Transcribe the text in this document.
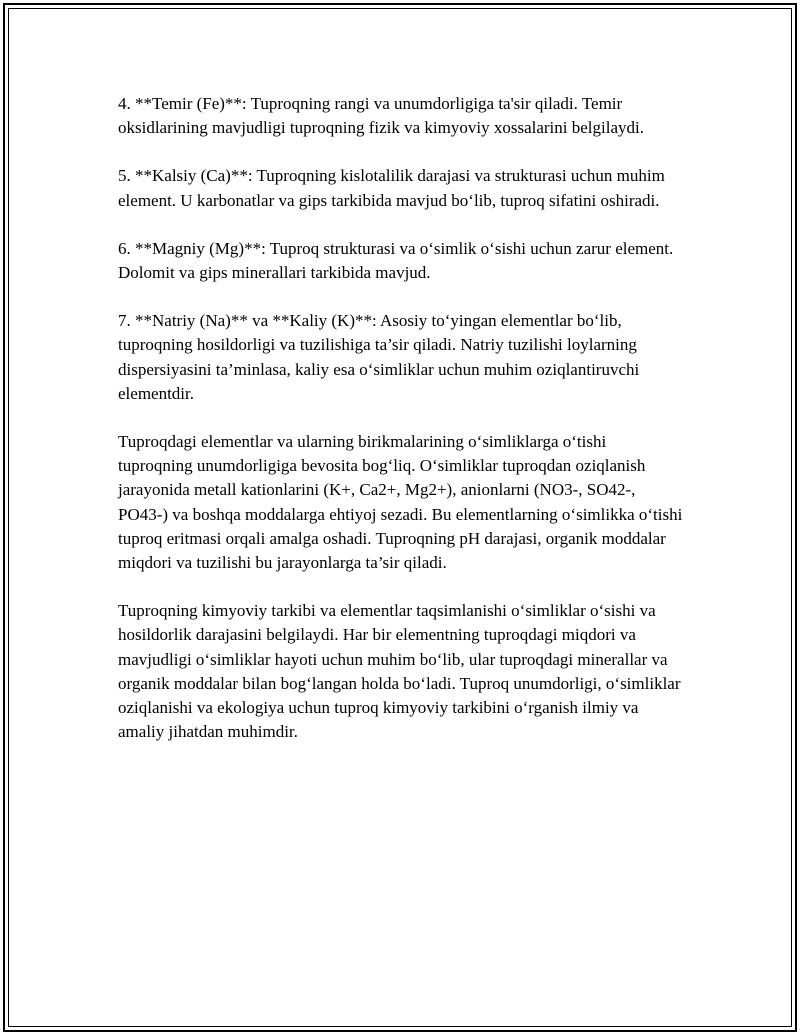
4. **Temir (Fe)**: Tuproqning rangi va unumdorligiga ta'sir qiladi. Temir oksidlarining mavjudligi tuproqning fizik va kimyoviy xossalarini belgilaydi.

5. **Kalsiy (Ca)**: Tuproqning kislotalilik darajasi va strukturasi uchun muhim element. U karbonatlar va gips tarkibida mavjud bo‘lib, tuproq sifatini oshiradi.

6. **Magniy (Mg)**: Tuproq strukturasi va o‘simlik o‘sishi uchun zarur element. Dolomit va gips minerallari tarkibida mavjud.

7. **Natriy (Na)** va **Kaliy (K)**: Asosiy to‘yingan elementlar bo‘lib, tuproqning hosildorligi va tuzilishiga ta’sir qiladi. Natriy tuzilishi loylarning dispersiyasini ta’minlasa, kaliy esa o‘simliklar uchun muhim oziqlantiruvchi elementdir.

Tuproqdagi elementlar va ularning birikmalarining o‘simliklarga o‘tishi tuproqning unumdorligiga bevosita bog‘liq. O‘simliklar tuproqdan oziqlanish jarayonida metall kationlarini (K+, Ca2+, Mg2+), anionlarni (NO3-, SO42-, PO43-) va boshqa moddalarga ehtiyoj sezadi. Bu elementlarning o‘simlikka o‘tishi tuproq eritmasi orqali amalga oshadi. Tuproqning pH darajasi, organik moddalar miqdori va tuzilishi bu jarayonlarga ta’sir qiladi.

Tuproqning kimyoviy tarkibi va elementlar taqsimlanishi o‘simliklar o‘sishi va hosildorlik darajasini belgilaydi. Har bir elementning tuproqdagi miqdori va mavjudligi o‘simliklar hayoti uchun muhim bo‘lib, ular tuproqdagi minerallar va organik moddalar bilan bog‘langan holda bo‘ladi. Tuproq unumdorligi, o‘simliklar oziqlanishi va ekologiya uchun tuproq kimyoviy tarkibini o‘rganish ilmiy va amaliy jihatdan muhimdir.
